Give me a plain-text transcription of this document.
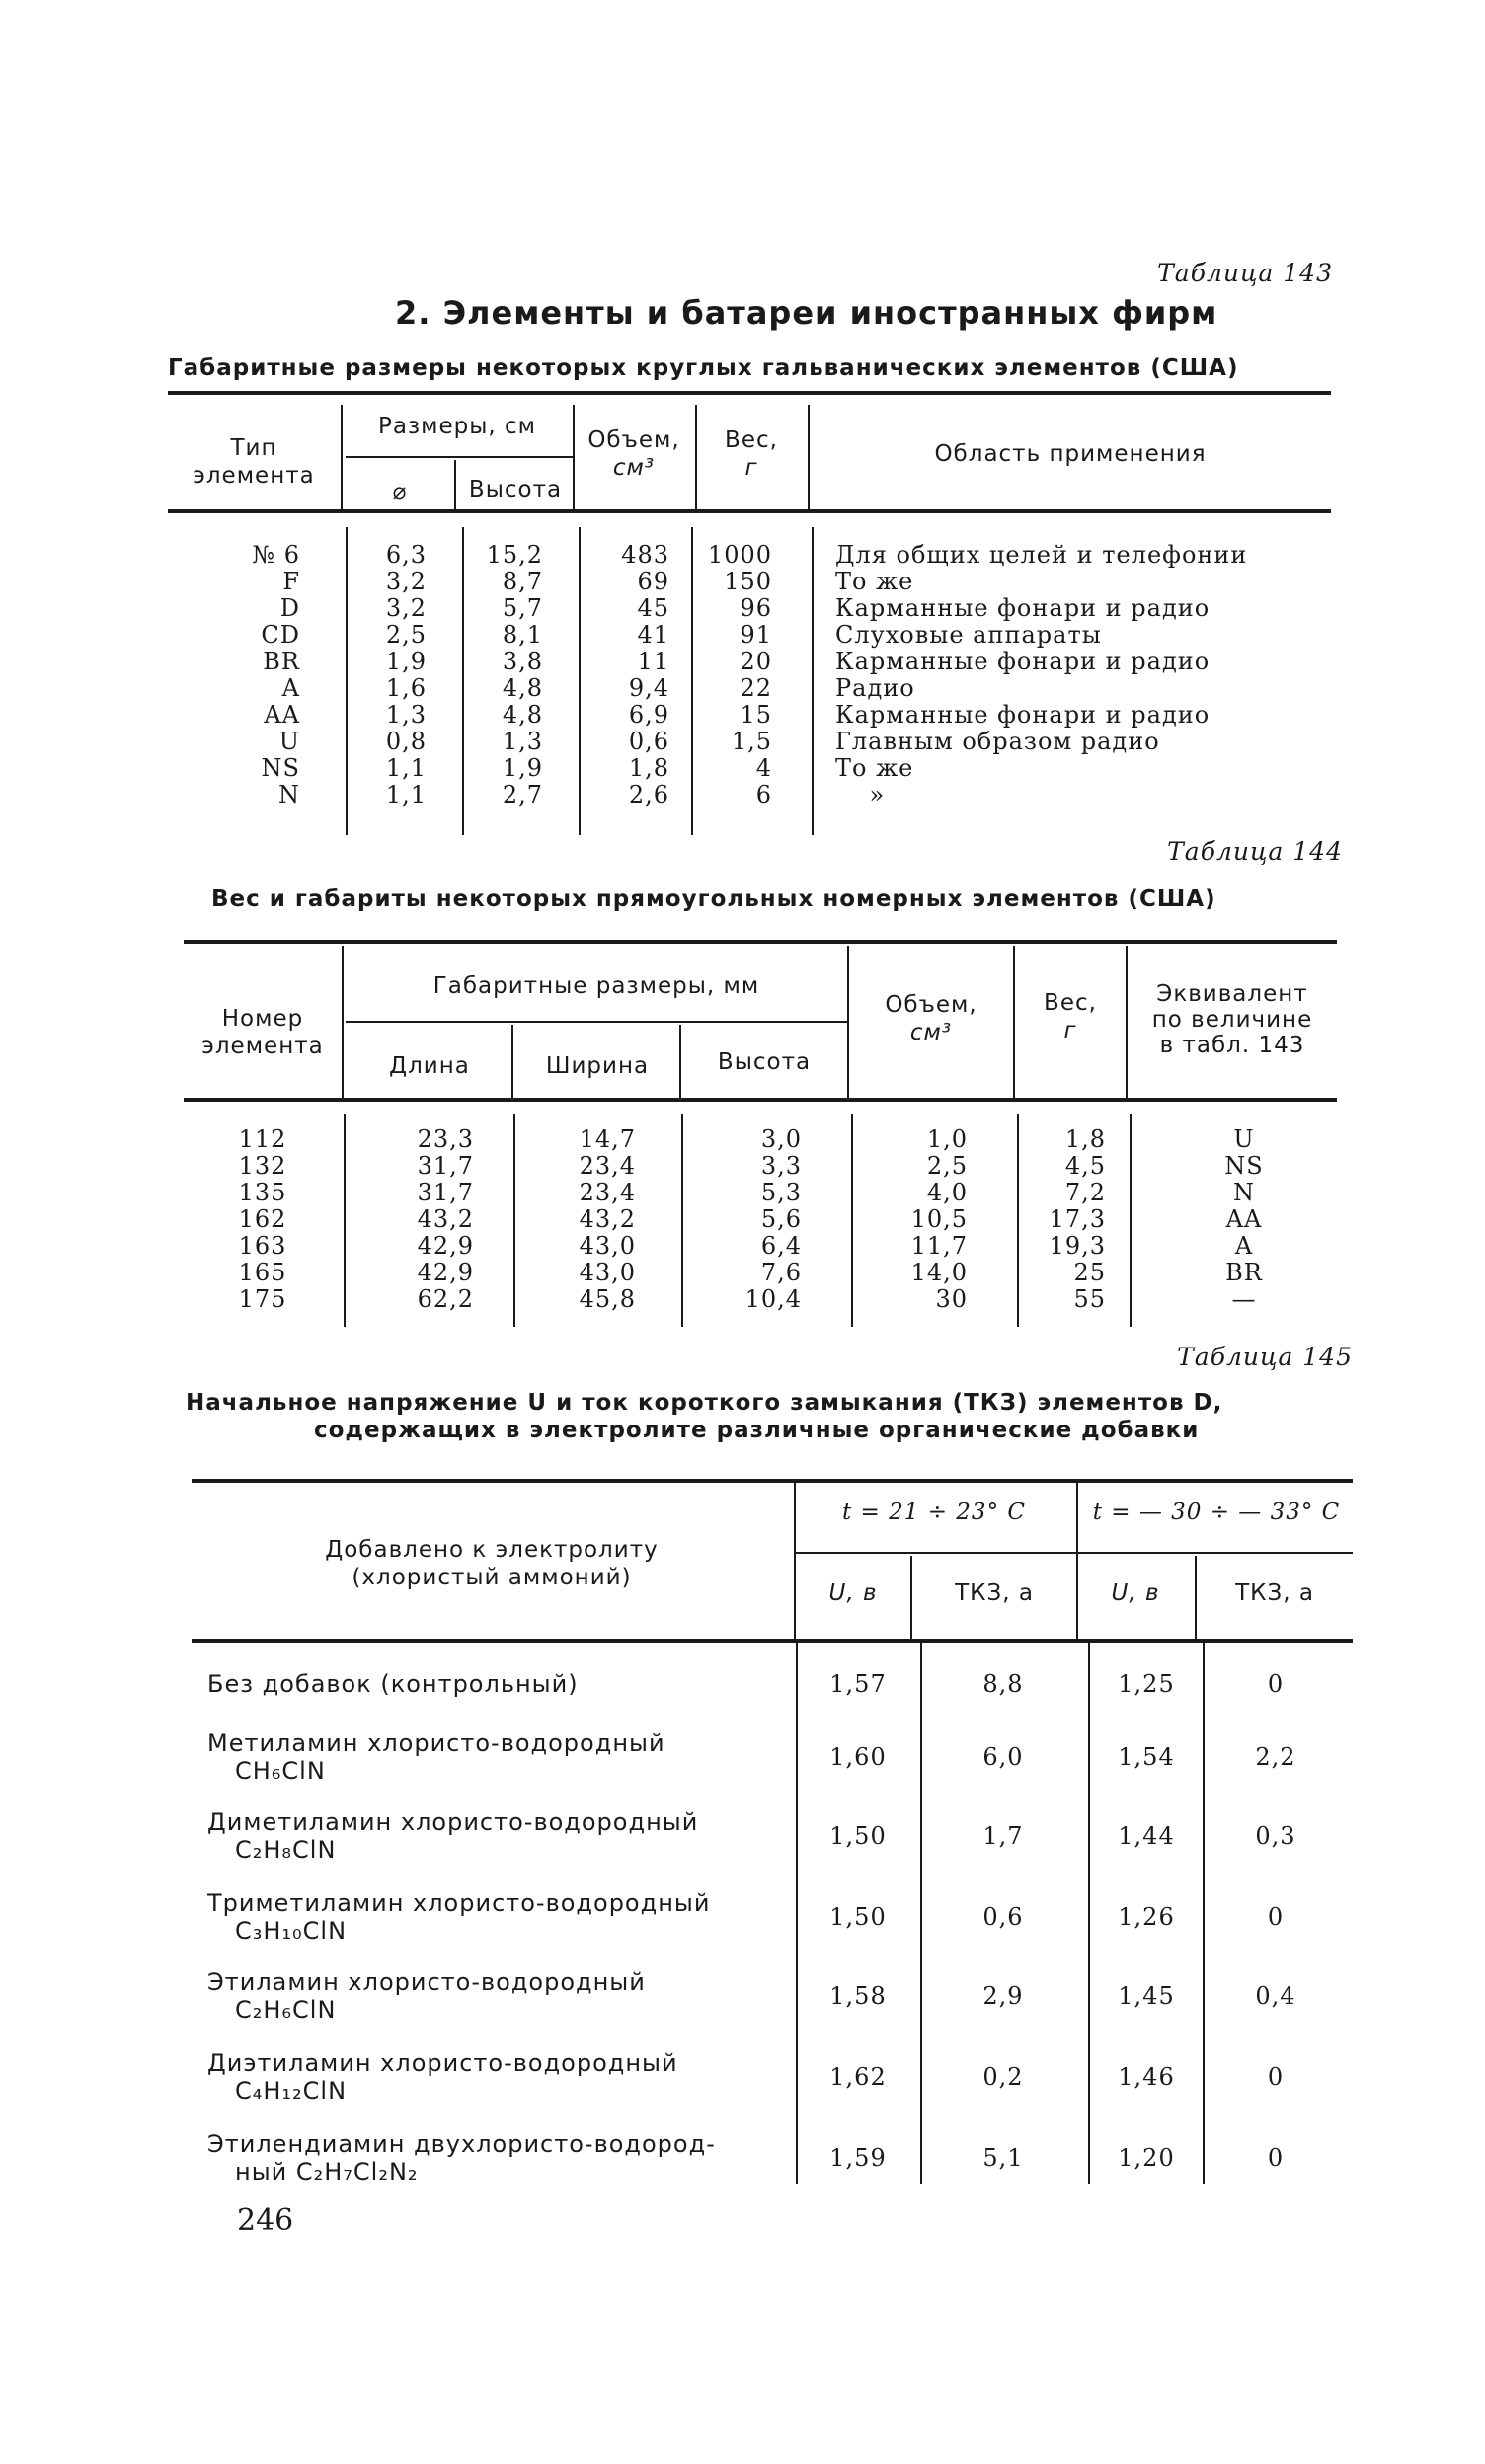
Таблица 143
2. Элементы и батареи иностранных фирм
Габаритные размеры некоторых круглых гальванических элементов (США)
Тип
элемента
Размеры, см
⌀	Высота
Объем,
см³
Вес,
г
Область применения
№ 6	6,3	15,2	483	1000	Для общих целей и телефонии
F	3,2	8,7	69	150	То же
D	3,2	5,7	45	96	Карманные фонари и радио
CD	2,5	8,1	41	91	Слуховые аппараты
BR	1,9	3,8	11	20	Карманные фонари и радио
A	1,6	4,8	9,4	22	Радио
AA	1,3	4,8	6,9	15	Карманные фонари и радио
U	0,8	1,3	0,6	1,5	Главным образом радио
NS	1,1	1,9	1,8	4	То же
N	1,1	2,7	2,6	6	»
Таблица 144
Вес и габариты некоторых прямоугольных номерных элементов (США)
Номер
элемента
Габаритные размеры, мм
Длина	Ширина	Высота
Объем,
см³
Вес,
г
Эквивалент
по величине
в табл. 143
112	23,3	14,7	3,0	1,0	1,8	U
132	31,7	23,4	3,3	2,5	4,5	NS
135	31,7	23,4	5,3	4,0	7,2	N
162	43,2	43,2	5,6	10,5	17,3	AA
163	42,9	43,0	6,4	11,7	19,3	A
165	42,9	43,0	7,6	14,0	25	BR
175	62,2	45,8	10,4	30	55	—
Таблица 145
Начальное напряжение U и ток короткого замыкания (ТКЗ) элементов D,
содержащих в электролите различные органические добавки
Добавлено к электролиту
(хлористый аммоний)
t = 21 ÷ 23° C	t = — 30 ÷ — 33° C
U, в	ТКЗ, а	U, в	ТКЗ, а
Без добавок (контрольный)	1,57	8,8	1,25	0
Метиламин хлористо-водородный
CH₆ClN	1,60	6,0	1,54	2,2
Диметиламин хлористо-водородный
C₂H₈ClN	1,50	1,7	1,44	0,3
Триметиламин хлористо-водородный
C₃H₁₀ClN	1,50	0,6	1,26	0
Этиламин хлористо-водородный
C₂H₆ClN	1,58	2,9	1,45	0,4
Диэтиламин хлористо-водородный
C₄H₁₂ClN	1,62	0,2	1,46	0
Этилендиамин двухлористо-водород-
ный C₂H₇Cl₂N₂	1,59	5,1	1,20	0
246
